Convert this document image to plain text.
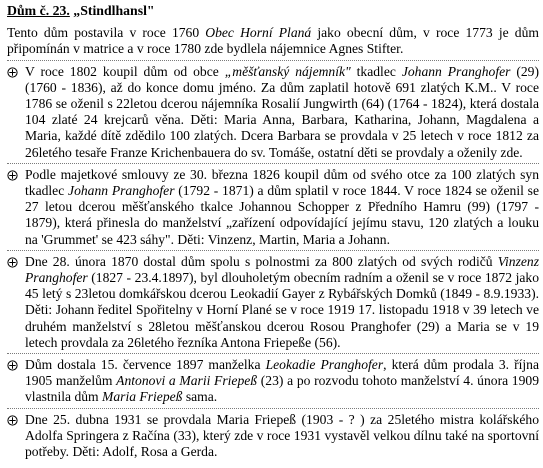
Dům č. 23. „Stindlhansl"

Tento dům postavila v roce 1760 Obec Horní Planá jako obecní dům, v roce 1773 je dům připomínán v matrice a v roce 1780 zde bydlela nájemnice Agnes Stifter.

V roce 1802 koupil dům od obce „měšťanský nájemník" tkadlec Johann Pranghofer (29) (1760 - 1836), až do konce domu jméno. Za dům zaplatil hotově 691 zlatých K.M.. V roce 1786 se oženil s 22letou dcerou nájemníka Rosalií Jungwirth (64) (1764 - 1824), která dostala 104 zlaté 24 krejcarů věna. Děti: Maria Anna, Barbara, Katharina, Johann, Magdalena a Maria, každé dítě zdědilo 100 zlatých. Dcera Barbara se provdala v 25 letech v roce 1812 za 26letého tesaře Franze Krichenbauera do sv. Tomáše, ostatní děti se provdaly a oženily zde.

Podle majetkové smlouvy ze 30. března 1826 koupil dům od svého otce za 100 zlatých syn tkadlec Johann Pranghofer (1792 - 1871) a dům splatil v roce 1844. V roce 1824 se oženil se 27 letou dcerou měšťanského tkalce Johannou Schopper z Předního Hamru (99) (1797 - 1879), která přinesla do manželství „zařízení odpovídající jejímu stavu, 120 zlatých a louku na 'Grummet' se 423 sáhy". Děti: Vinzenz, Martin, Maria a Johann.

Dne 28. února 1870 dostal dům spolu s polnostmi za 800 zlatých od svých rodičů Vinzenz Pranghofer (1827 - 23.4.1897), byl dlouholetým obecním radním a oženil se v roce 1872 jako 45 letý s 23letou domkářskou dcerou Leokadií Gayer z Rybářských Domků (1849 - 8.9.1933). Děti: Johann ředitel Spořitelny v Horní Plané se v roce 1919 17. listopadu 1918 v 39 letech ve druhém manželství s 28letou měšťanskou dcerou Rosou Pranghofer (29) a Maria se v 19 letech provdala za 26letého řezníka Antona Friepeße (56).

Dům dostala 15. července 1897 manželka Leokadie Pranghofer, která dům prodala 3. října 1905 manželům Antonovi a Marii Friepeß (23) a po rozvodu tohoto manželství 4. února 1909 vlastnila dům Maria Friepeß sama.

Dne 25. dubna 1931 se provdala Maria Friepeß (1903 - ? ) za 25letého mistra kolářského Adolfa Springera z Račína (33), který zde v roce 1931 vystavěl velkou dílnu také na sportovní potřeby. Děti: Adolf, Rosa a Gerda.
